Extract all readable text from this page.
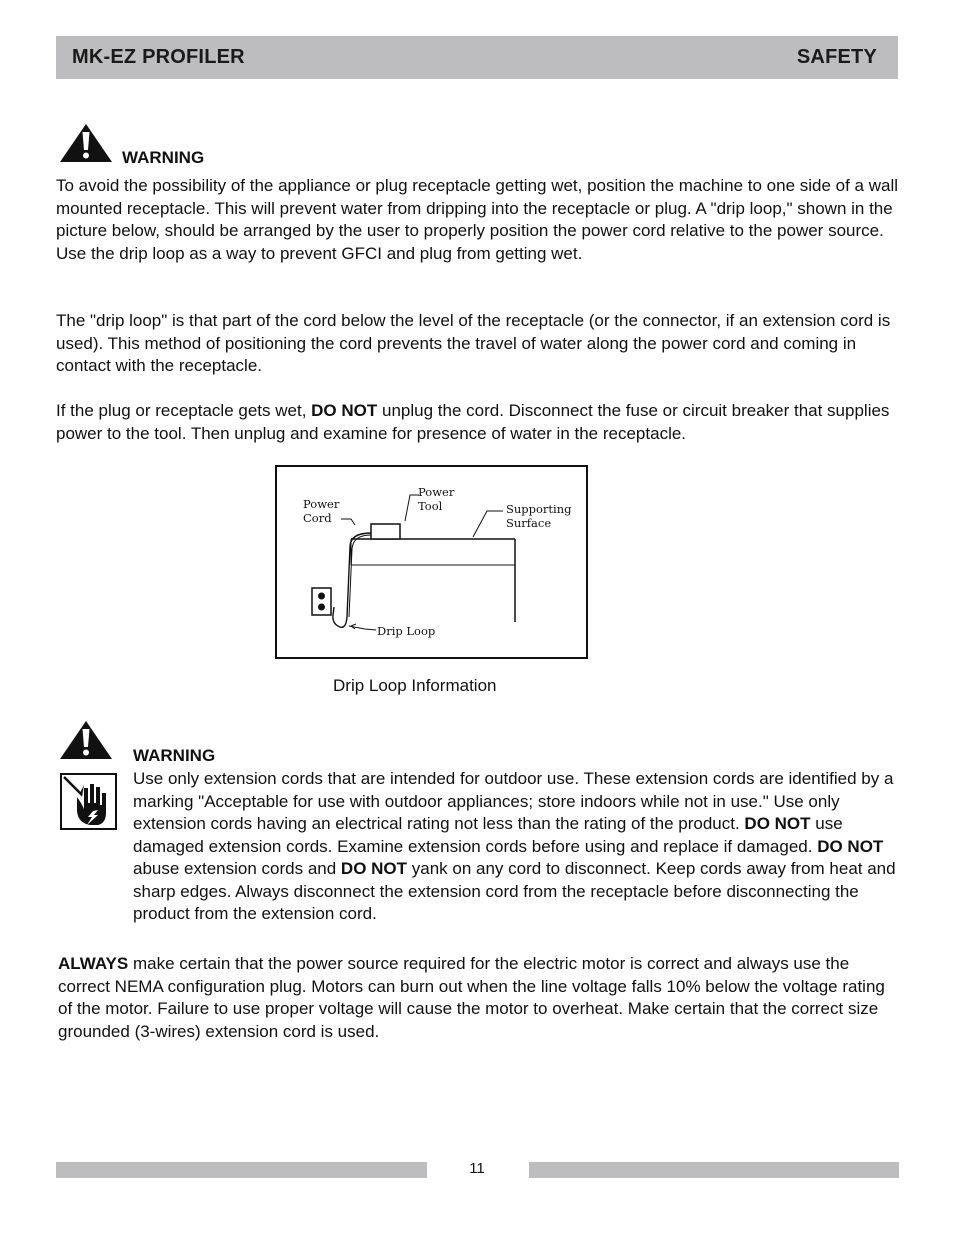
MK-EZ PROFILER	SAFETY
WARNING

To avoid the possibility of the appliance or plug receptacle getting wet, position the machine to one side of a wall mounted receptacle. This will prevent water from dripping into the receptacle or plug. A "drip loop," shown in the picture below, should be arranged by the user to properly position the power cord relative to the power source. Use the drip loop as a way to prevent GFCI and plug from getting wet.

The "drip loop" is that part of the cord below the level of the receptacle (or the connector, if an extension cord is used). This method of positioning the cord prevents the travel of water along the power cord and coming in contact with the receptacle.

If the plug or receptacle gets wet, DO NOT unplug the cord. Disconnect the fuse or circuit breaker that supplies power to the tool. Then unplug and examine for presence of water in the receptacle.

Power
Cord
Power
Tool	Supporting
Surface
Drip Loop
Drip Loop Information
WARNING

Use only extension cords that are intended for outdoor use. These extension cords are identified by a marking "Acceptable for use with outdoor appliances; store indoors while not in use." Use only extension cords having an electrical rating not less than the rating of the product. DO NOT use damaged extension cords. Examine extension cords before using and replace if damaged. DO NOT abuse extension cords and DO NOT yank on any cord to disconnect. Keep cords away from heat and sharp edges. Always disconnect the extension cord from the receptacle before disconnecting the product from the extension cord.

ALWAYS make certain that the power source required for the electric motor is correct and always use the correct NEMA configuration plug. Motors can burn out when the line voltage falls 10% below the voltage rating of the motor. Failure to use proper voltage will cause the motor to overheat. Make certain that the correct size grounded (3-wires) extension cord is used.

11
